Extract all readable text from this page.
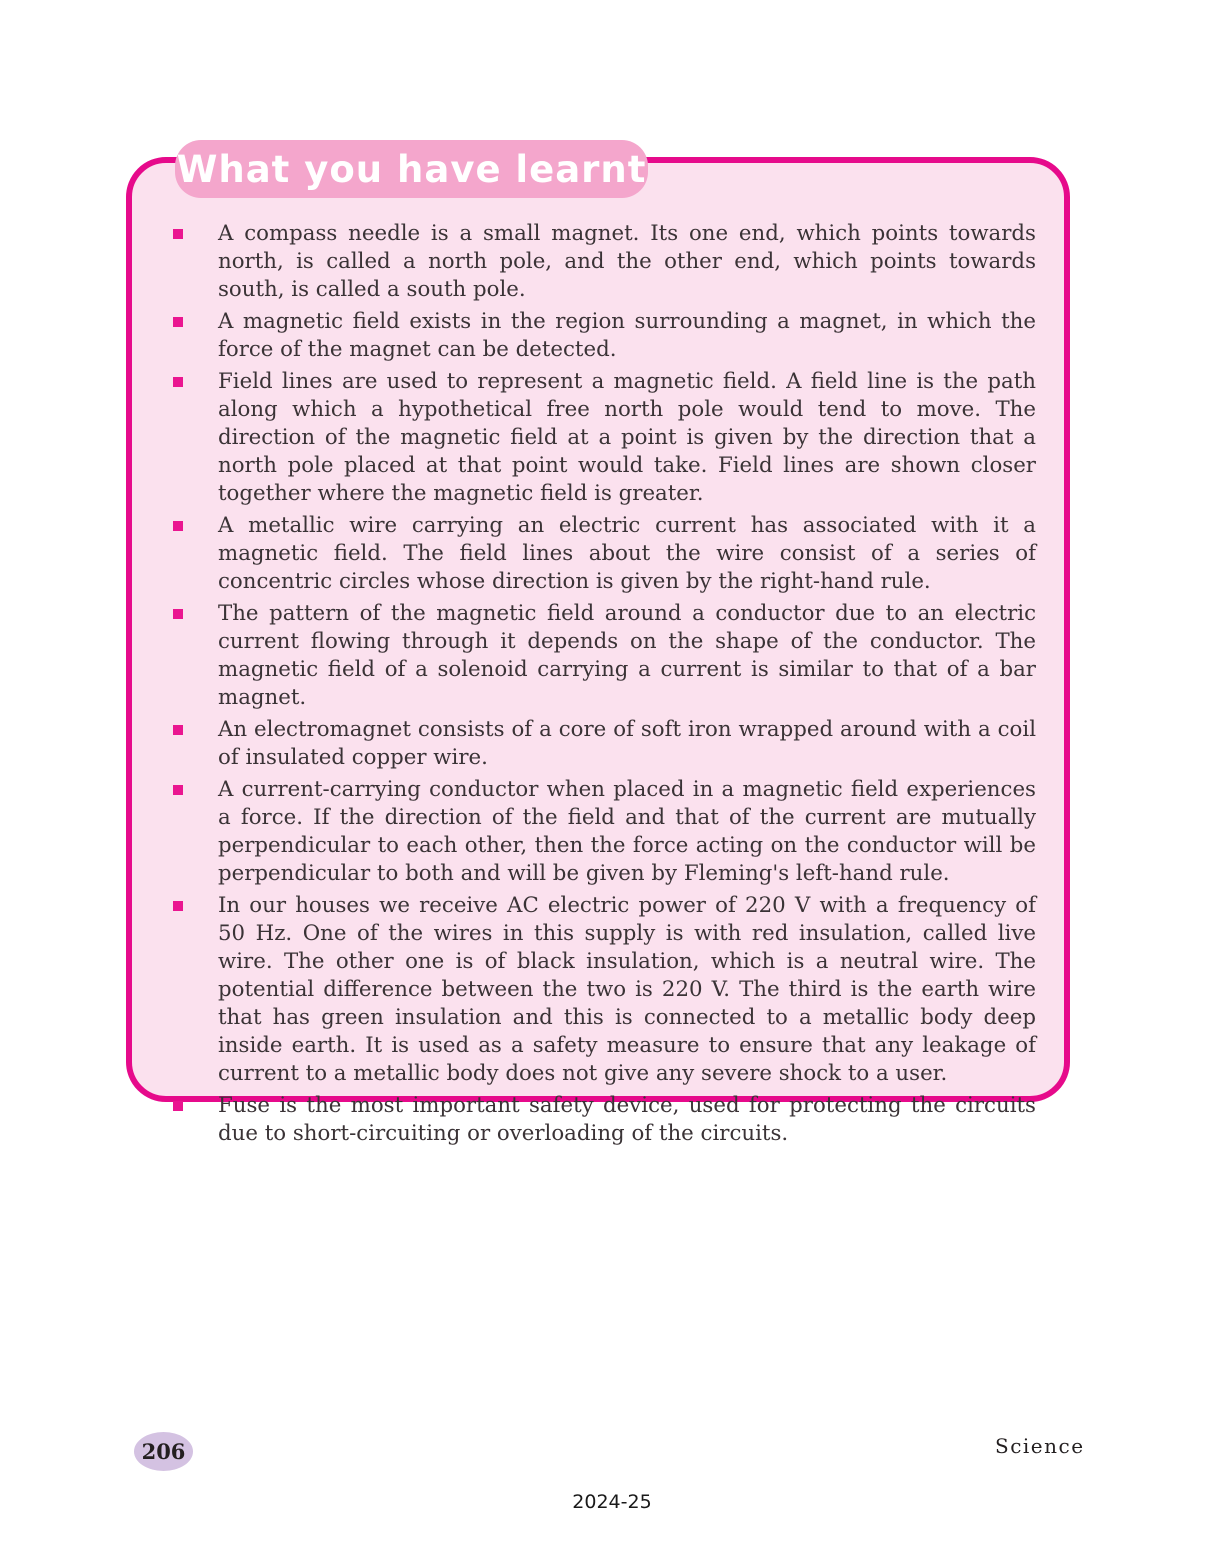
What you have learnt
A compass needle is a small magnet. Its one end, which points towards north, is called a north pole, and the other end, which points towards south, is called a south pole.
A magnetic field exists in the region surrounding a magnet, in which the force of the magnet can be detected.
Field lines are used to represent a magnetic field. A field line is the path along which a hypothetical free north pole would tend to move. The direction of the magnetic field at a point is given by the direction that a north pole placed at that point would take. Field lines are shown closer together where the magnetic field is greater.
A metallic wire carrying an electric current has associated with it a magnetic field. The field lines about the wire consist of a series of concentric circles whose direction is given by the right-hand rule.
The pattern of the magnetic field around a conductor due to an electric current flowing through it depends on the shape of the conductor. The magnetic field of a solenoid carrying a current is similar to that of a bar magnet.
An electromagnet consists of a core of soft iron wrapped around with a coil of insulated copper wire.
A current-carrying conductor when placed in a magnetic field experiences a force. If the direction of the field and that of the current are mutually perpendicular to each other, then the force acting on the conductor will be perpendicular to both and will be given by Fleming's left-hand rule.
In our houses we receive AC electric power of 220 V with a frequency of 50 Hz. One of the wires in this supply is with red insulation, called live wire. The other one is of black insulation, which is a neutral wire. The potential difference between the two is 220 V. The third is the earth wire that has green insulation and this is connected to a metallic body deep inside earth. It is used as a safety measure to ensure that any leakage of current to a metallic body does not give any severe shock to a user.
Fuse is the most important safety device, used for protecting the circuits due to short-circuiting or overloading of the circuits.
206	Science
2024-25
